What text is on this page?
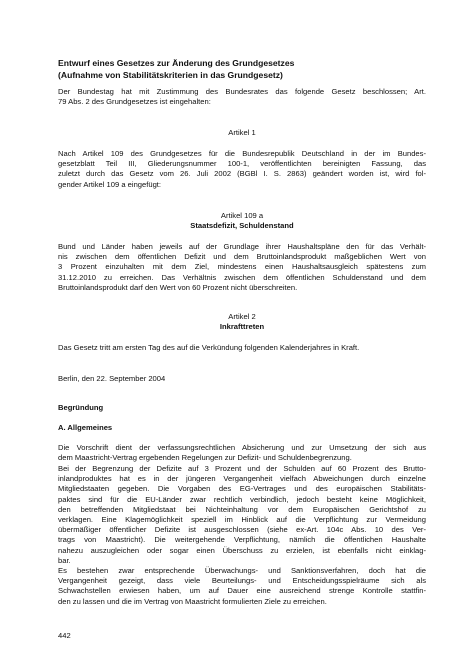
Entwurf eines Gesetzes zur Änderung des Grundgesetzes
(Aufnahme von Stabilitätskriterien in das Grundgesetz)
Der Bundestag hat mit Zustimmung des Bundesrates das folgende Gesetz beschlossen; Art.
79 Abs. 2 des Grundgesetzes ist eingehalten:
Artikel 1
Nach Artikel 109 des Grundgesetzes für die Bundesrepublik Deutschland in der im Bundes-
gesetzblatt Teil III, Gliederungsnummer 100-1, veröffentlichten bereinigten Fassung, das
zuletzt durch das Gesetz vom 26. Juli 2002 (BGBl I. S. 2863) geändert worden ist, wird fol-
gender Artikel 109 a eingefügt:
Artikel 109 a
Staatsdefizit, Schuldenstand
Bund und Länder haben jeweils auf der Grundlage ihrer Haushaltspläne den für das Verhält-
nis zwischen dem öffentlichen Defizit und dem Bruttoinlandsprodukt maßgeblichen Wert von
3 Prozent einzuhalten mit dem Ziel, mindestens einen Haushaltsausgleich spätestens zum
31.12.2010 zu erreichen. Das Verhältnis zwischen dem öffentlichen Schuldenstand und dem
Bruttoinlandsprodukt darf den Wert von 60 Prozent nicht überschreiten.
Artikel 2
Inkrafttreten
Das Gesetz tritt am ersten Tag des auf die Verkündung folgenden Kalenderjahres in Kraft.
Berlin, den 22. September 2004
Begründung
A. Allgemeines
Die Vorschrift dient der verfassungsrechtlichen Absicherung und zur Umsetzung der sich aus
dem Maastricht-Vertrag ergebenden Regelungen zur Defizit- und Schuldenbegrenzung.
Bei der Begrenzung der Defizite auf 3 Prozent und der Schulden auf 60 Prozent des Brutto-
inlandproduktes hat es in der jüngeren Vergangenheit vielfach Abweichungen durch einzelne
Mitgliedstaaten gegeben. Die Vorgaben des EG-Vertrages und des europäischen Stabilitäts-
paktes sind für die EU-Länder zwar rechtlich verbindlich, jedoch besteht keine Möglichkeit,
den betreffenden Mitgliedstaat bei Nichteinhaltung vor dem Europäischen Gerichtshof zu
verklagen. Eine Klagemöglichkeit speziell im Hinblick auf die Verpflichtung zur Vermeidung
übermäßiger öffentlicher Defizite ist ausgeschlossen (siehe ex-Art. 104c Abs. 10 des Ver-
trags von Maastricht). Die weitergehende Verpflichtung, nämlich die öffentlichen Haushalte
nahezu auszugleichen oder sogar einen Überschuss zu erzielen, ist ebenfalls nicht einklag-
bar.
Es bestehen zwar entsprechende Überwachungs- und Sanktionsverfahren, doch hat die
Vergangenheit gezeigt, dass viele Beurteilungs- und Entscheidungsspielräume sich als
Schwachstellen erwiesen haben, um auf Dauer eine ausreichend strenge Kontrolle stattfin-
den zu lassen und die im Vertrag von Maastricht formulierten Ziele zu erreichen.
442
